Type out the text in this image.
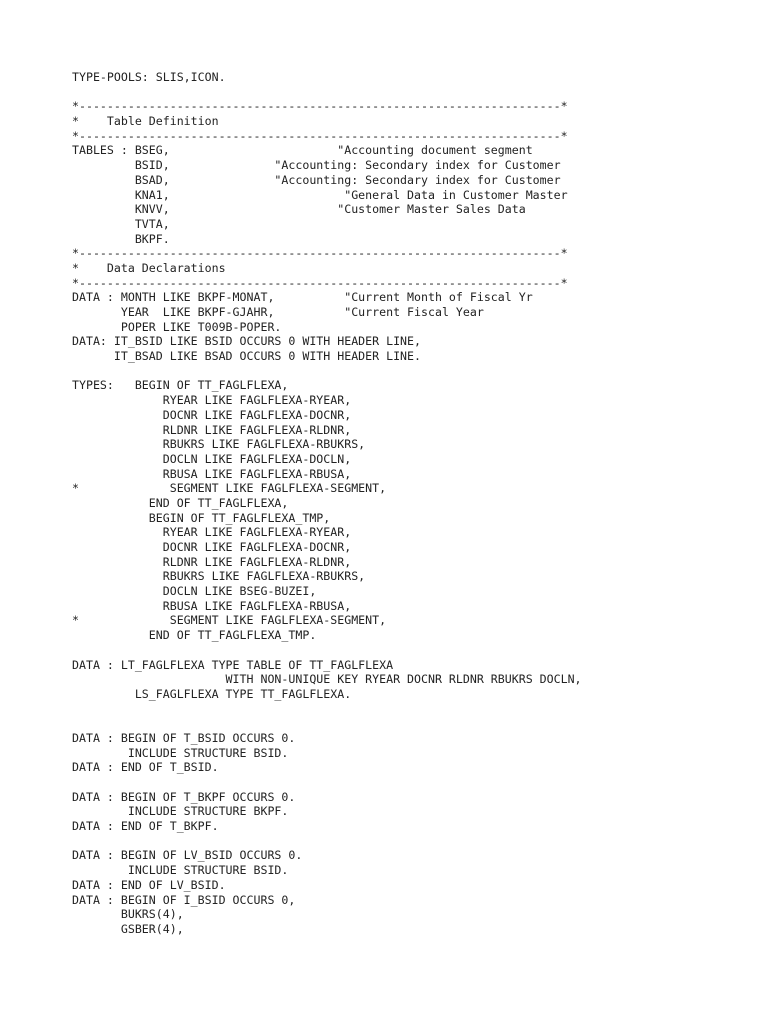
TYPE-POOLS: SLIS,ICON.
*---------------------------------------------------------------------*
*    Table Definition
*---------------------------------------------------------------------*
TABLES : BSEG,                        "Accounting document segment
BSID,               "Accounting: Secondary index for Customer
BSAD,               "Accounting: Secondary index for Customer
KNA1,                         "General Data in Customer Master
KNVV,                        "Customer Master Sales Data
TVTA,
BKPF.
*---------------------------------------------------------------------*
*    Data Declarations
*---------------------------------------------------------------------*
DATA : MONTH LIKE BKPF-MONAT,          "Current Month of Fiscal Yr
YEAR  LIKE BKPF-GJAHR,          "Current Fiscal Year
POPER LIKE T009B-POPER.
DATA: IT_BSID LIKE BSID OCCURS 0 WITH HEADER LINE,
IT_BSAD LIKE BSAD OCCURS 0 WITH HEADER LINE.
TYPES:   BEGIN OF TT_FAGLFLEXA,
RYEAR LIKE FAGLFLEXA-RYEAR,
DOCNR LIKE FAGLFLEXA-DOCNR,
RLDNR LIKE FAGLFLEXA-RLDNR,
RBUKRS LIKE FAGLFLEXA-RBUKRS,
DOCLN LIKE FAGLFLEXA-DOCLN,
RBUSA LIKE FAGLFLEXA-RBUSA,
*             SEGMENT LIKE FAGLFLEXA-SEGMENT,
END OF TT_FAGLFLEXA,
BEGIN OF TT_FAGLFLEXA_TMP,
RYEAR LIKE FAGLFLEXA-RYEAR,
DOCNR LIKE FAGLFLEXA-DOCNR,
RLDNR LIKE FAGLFLEXA-RLDNR,
RBUKRS LIKE FAGLFLEXA-RBUKRS,
DOCLN LIKE BSEG-BUZEI,
RBUSA LIKE FAGLFLEXA-RBUSA,
*             SEGMENT LIKE FAGLFLEXA-SEGMENT,
END OF TT_FAGLFLEXA_TMP.
DATA : LT_FAGLFLEXA TYPE TABLE OF TT_FAGLFLEXA
WITH NON-UNIQUE KEY RYEAR DOCNR RLDNR RBUKRS DOCLN,
LS_FAGLFLEXA TYPE TT_FAGLFLEXA.
DATA : BEGIN OF T_BSID OCCURS 0.
INCLUDE STRUCTURE BSID.
DATA : END OF T_BSID.
DATA : BEGIN OF T_BKPF OCCURS 0.
INCLUDE STRUCTURE BKPF.
DATA : END OF T_BKPF.
DATA : BEGIN OF LV_BSID OCCURS 0.
INCLUDE STRUCTURE BSID.
DATA : END OF LV_BSID.
DATA : BEGIN OF I_BSID OCCURS 0,
BUKRS(4),
GSBER(4),
